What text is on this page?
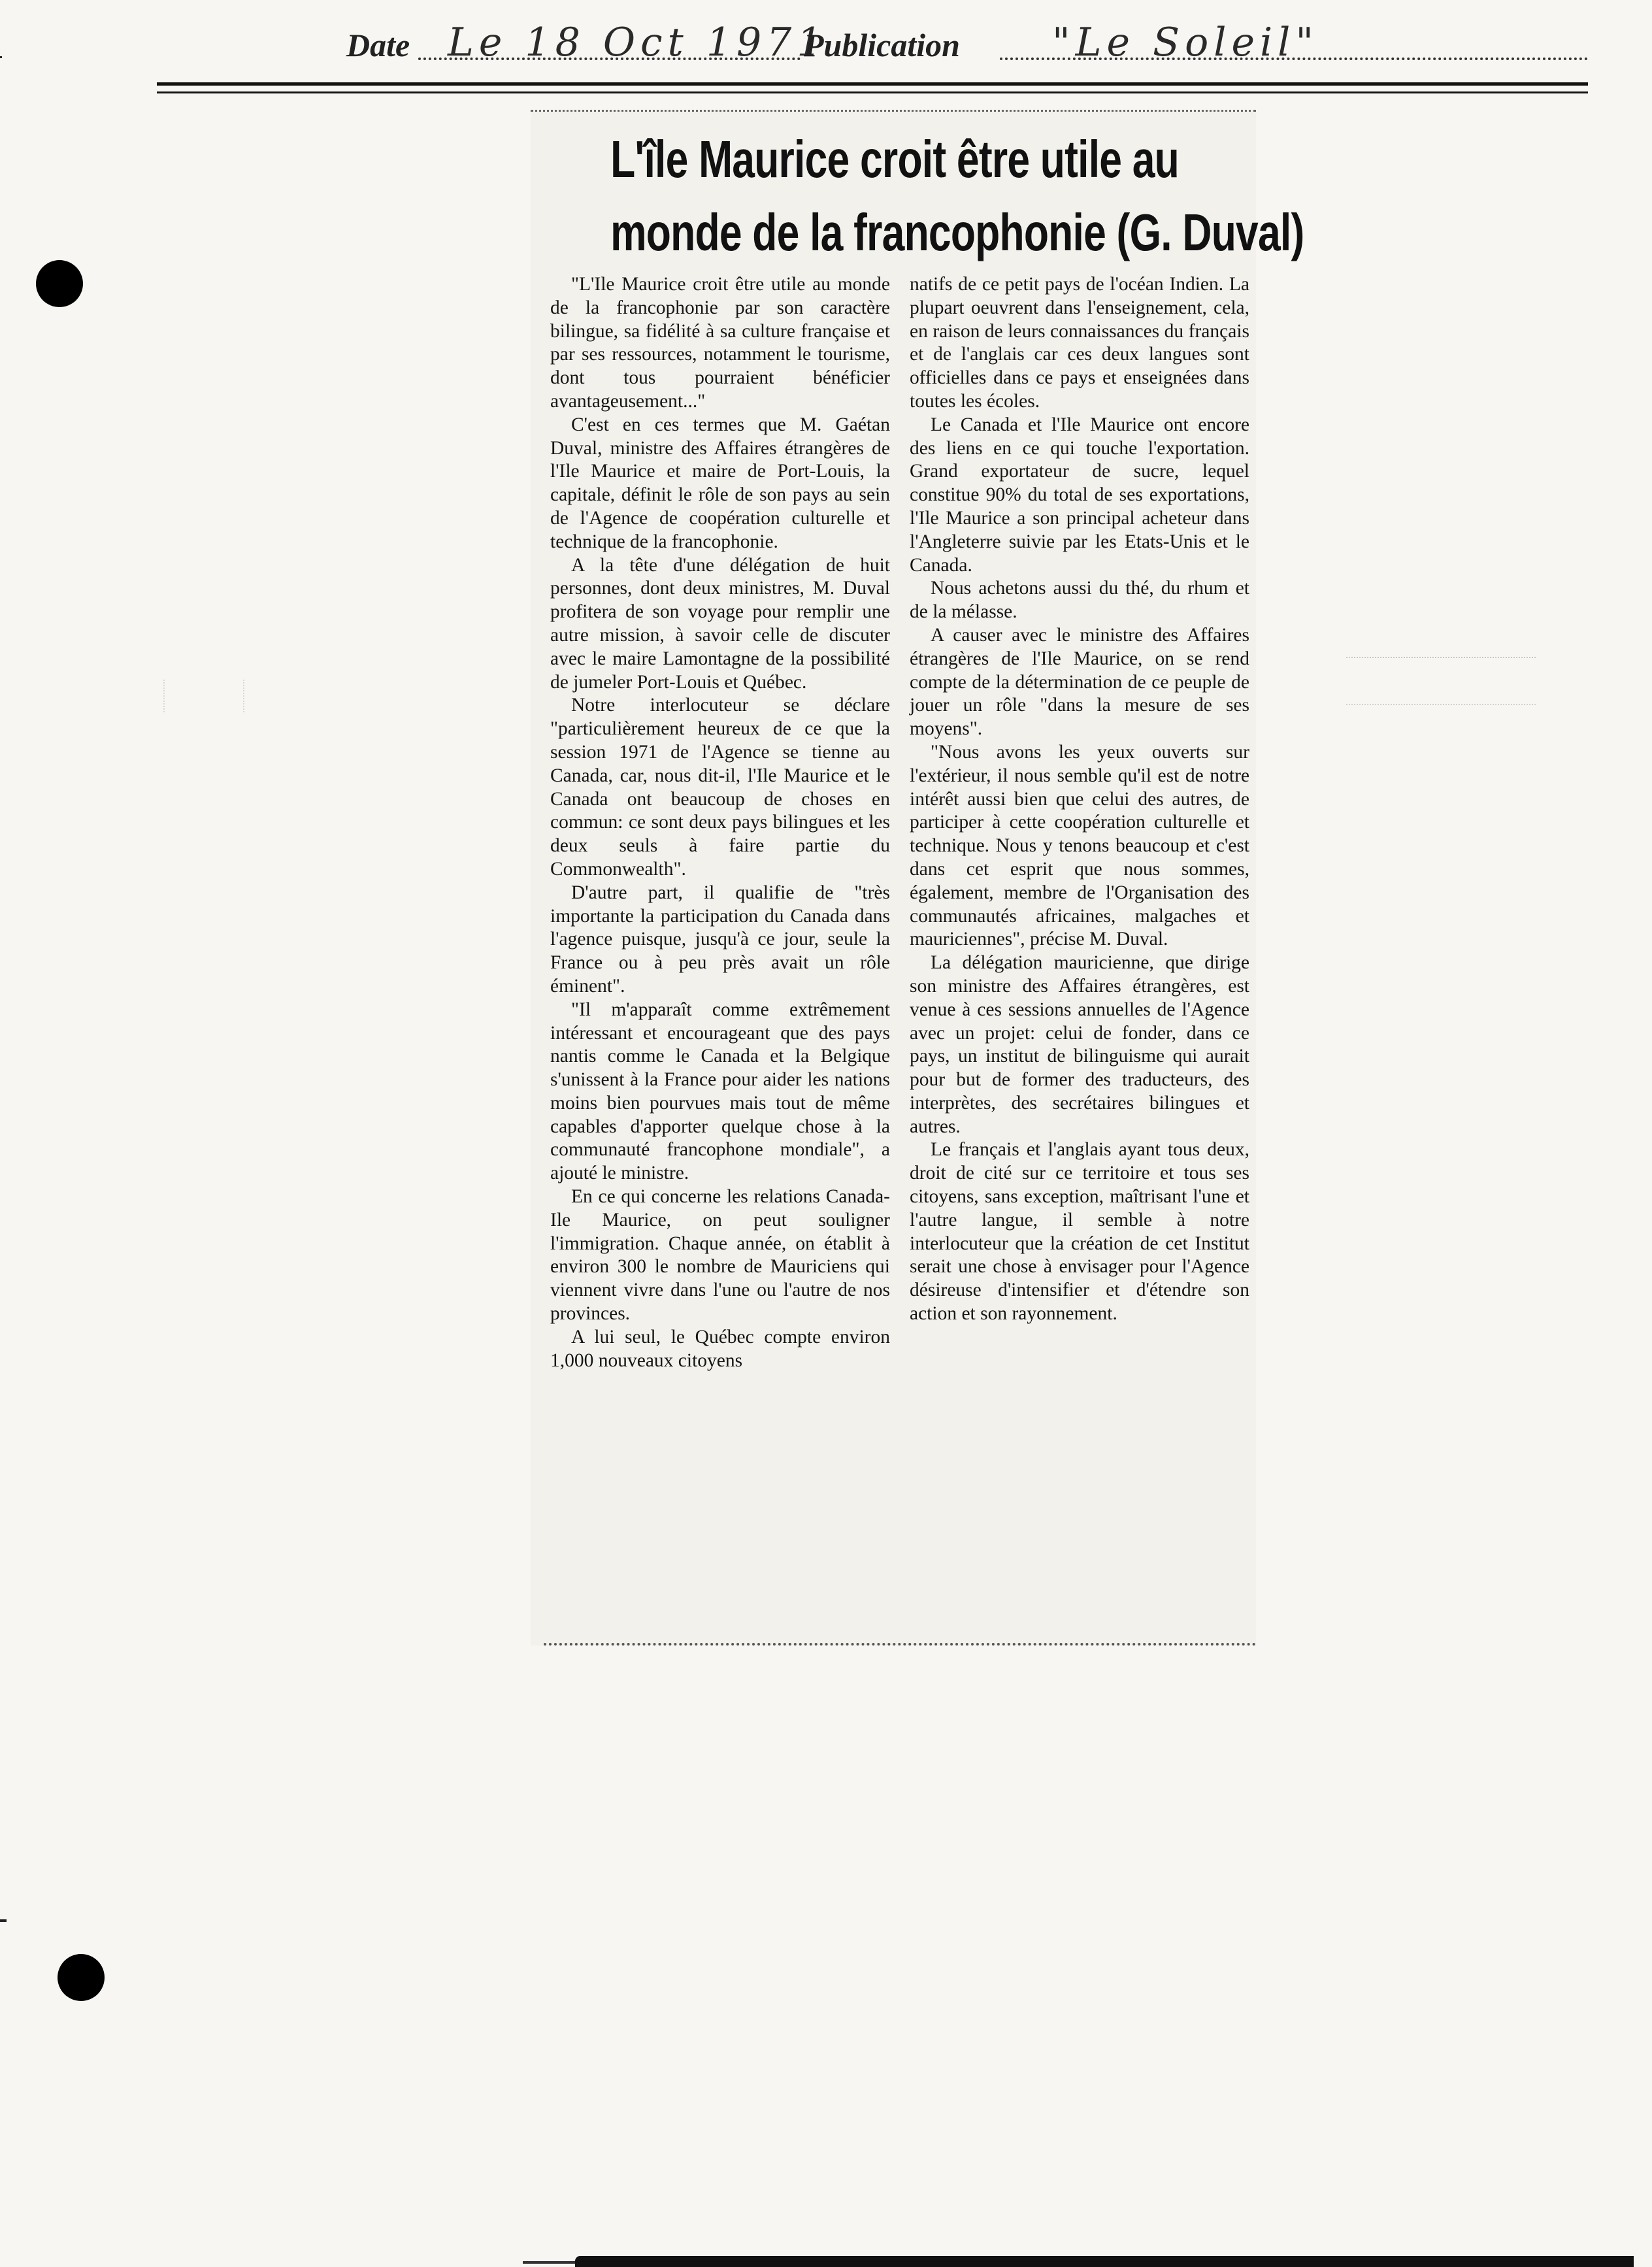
Date Le 18 Oct 1971
Publication "Le Soleil"
L'île Maurice croit être utile au
monde de la francophonie (G. Duval)

"L'Ile Maurice croit être utile au monde de la francophonie par son caractère bilingue, sa fidélité à sa culture française et par ses ressources, notamment le tourisme, dont tous pourraient bénéficier avantageusement..."

C'est en ces termes que M. Gaétan Duval, ministre des Affaires étrangères de l'Ile Maurice et maire de Port-Louis, la capitale, définit le rôle de son pays au sein de l'Agence de coopération culturelle et technique de la francophonie.

A la tête d'une délégation de huit personnes, dont deux ministres, M. Duval profitera de son voyage pour remplir une autre mission, à savoir celle de discuter avec le maire Lamontagne de la possibilité de jumeler Port-Louis et Québec.

Notre interlocuteur se déclare "particulièrement heureux de ce que la session 1971 de l'Agence se tienne au Canada, car, nous dit-il, l'Ile Maurice et le Canada ont beaucoup de choses en commun: ce sont deux pays bilingues et les deux seuls à faire partie du Commonwealth".

D'autre part, il qualifie de "très importante la participation du Canada dans l'agence puisque, jusqu'à ce jour, seule la France ou à peu près avait un rôle éminent".

"Il m'apparaît comme extrêmement intéressant et encourageant que des pays nantis comme le Canada et la Belgique s'unissent à la France pour aider les nations moins bien pourvues mais tout de même capables d'apporter quelque chose à la communauté francophone mondiale", a ajouté le ministre.

En ce qui concerne les relations Canada-Ile Maurice, on peut souligner l'immigration. Chaque année, on établit à environ 300 le nombre de Mauriciens qui viennent vivre dans l'une ou l'autre de nos provinces.

A lui seul, le Québec compte environ 1,000 nouveaux citoyens

natifs de ce petit pays de l'océan Indien. La plupart oeuvrent dans l'enseignement, cela, en raison de leurs connaissances du français et de l'anglais car ces deux langues sont officielles dans ce pays et enseignées dans toutes les écoles.

Le Canada et l'Ile Maurice ont encore des liens en ce qui touche l'exportation. Grand exportateur de sucre, lequel constitue 90% du total de ses exportations, l'Ile Maurice a son principal acheteur dans l'Angleterre suivie par les Etats-Unis et le Canada.

Nous achetons aussi du thé, du rhum et de la mélasse.

A causer avec le ministre des Affaires étrangères de l'Ile Maurice, on se rend compte de la détermination de ce peuple de jouer un rôle "dans la mesure de ses moyens".

"Nous avons les yeux ouverts sur l'extérieur, il nous semble qu'il est de notre intérêt aussi bien que celui des autres, de participer à cette coopération culturelle et technique. Nous y tenons beaucoup et c'est dans cet esprit que nous sommes, également, membre de l'Organisation des communautés africaines, malgaches et mauriciennes", précise M. Duval.

La délégation mauricienne, que dirige son ministre des Affaires étrangères, est venue à ces sessions annuelles de l'Agence avec un projet: celui de fonder, dans ce pays, un institut de bilinguisme qui aurait pour but de former des traducteurs, des interprètes, des secrétaires bilingues et autres.

Le français et l'anglais ayant tous deux, droit de cité sur ce territoire et tous ses citoyens, sans exception, maîtrisant l'une et l'autre langue, il semble à notre interlocuteur que la création de cet Institut serait une chose à envisager pour l'Agence désireuse d'intensifier et d'étendre son action et son rayonnement.
